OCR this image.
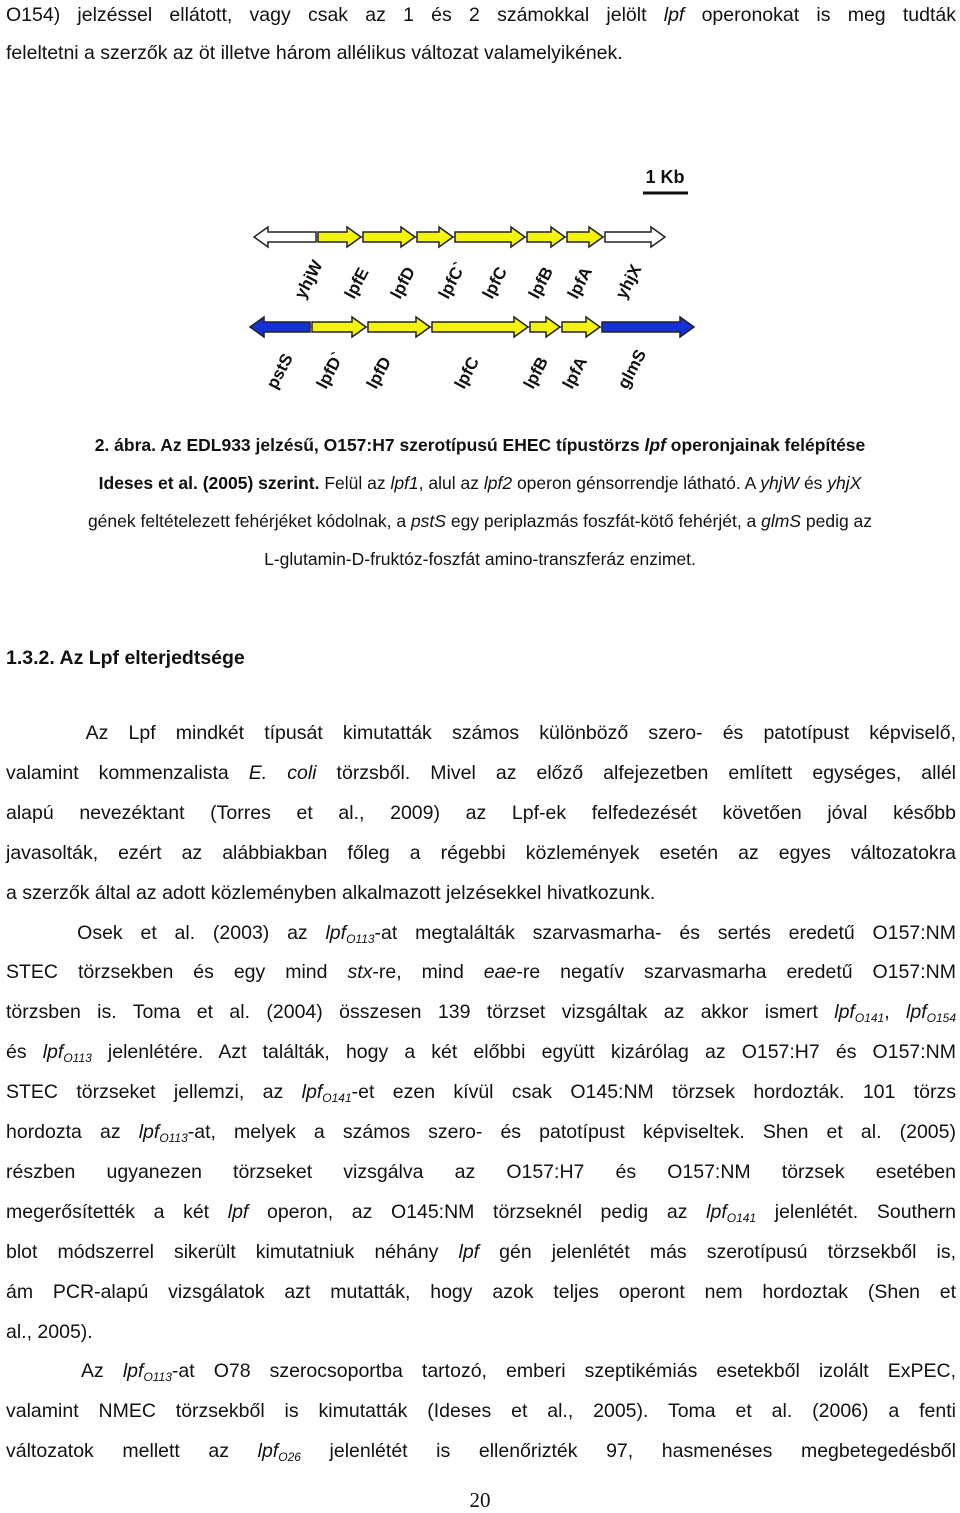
O154) jelzéssel ellátott, vagy csak az 1 és 2 számokkal jelölt lpf operonokat is meg tudták
feleltetni a szerzők az öt illetve három allélikus változat valamelyikének.
1 Kb
yhjW lpfE lpfD lpfC` lpfC lpfB lpfA yhjX
pstS lpfD` lpfD	lpfC lpfB lpfA glmS
2. ábra. Az EDL933 jelzésű, O157:H7 szerotípusú EHEC típustörzs lpf operonjainak felépítése
Ideses et al. (2005) szerint. Felül az lpf1, alul az lpf2 operon génsorrendje látható. A yhjW és yhjX
gének feltételezett fehérjéket kódolnak, a pstS egy periplazmás foszfát-kötő fehérjét, a glmS pedig az
L-glutamin-D-fruktóz-foszfát amino-transzferáz enzimet.
1.3.2. Az Lpf elterjedtsége
Az Lpf mindkét típusát kimutatták számos különböző szero- és patotípust képviselő,
valamint kommenzalista E. coli törzsből. Mivel az előző alfejezetben említett egységes, allél
alapú nevezéktant (Torres et al., 2009) az Lpf-ek felfedezését követően jóval később
javasolták, ezért az alábbiakban főleg a régebbi közlemények esetén az egyes változatokra
a szerzők által az adott közleményben alkalmazott jelzésekkel hivatkozunk.
Osek et al. (2003) az lpf$_{O113}$-at megtalálták szarvasmarha- és sertés eredetű O157:NM
STEC törzsekben és egy mind stx-re, mind eae-re negatív szarvasmarha eredetű O157:NM
törzsben is. Toma et al. (2004) összesen 139 törzset vizsgáltak az akkor ismert lpf$_{O141}$, lpf$_{O154}$
és lpf$_{O113}$ jelenlétére. Azt találták, hogy a két előbbi együtt kizárólag az O157:H7 és O157:NM
STEC törzseket jellemzi, az lpf$_{O141}$-et ezen kívül csak O145:NM törzsek hordozták. 101 törzs
hordozta az lpf$_{O113}$-at, melyek a számos szero- és patotípust képviseltek. Shen et al. (2005)
részben ugyanezen törzseket vizsgálva az O157:H7 és O157:NM törzsek esetében
megerősítették a két lpf operon, az O145:NM törzseknél pedig az lpf$_{O141}$ jelenlétét. Southern
blot módszerrel sikerült kimutatniuk néhány lpf gén jelenlétét más szerotípusú törzsekből is,
ám PCR-alapú vizsgálatok azt mutatták, hogy azok teljes operont nem hordoztak (Shen et
al., 2005).
Az lpf$_{O113}$-at O78 szerocsoportba tartozó, emberi szeptikémiás esetekből izolált ExPEC,
valamint NMEC törzsekből is kimutatták (Ideses et al., 2005). Toma et al. (2006) a fenti
változatok mellett az lpf$_{O26}$ jelenlétét is ellenőrizték 97, hasmenéses megbetegedésből
20
